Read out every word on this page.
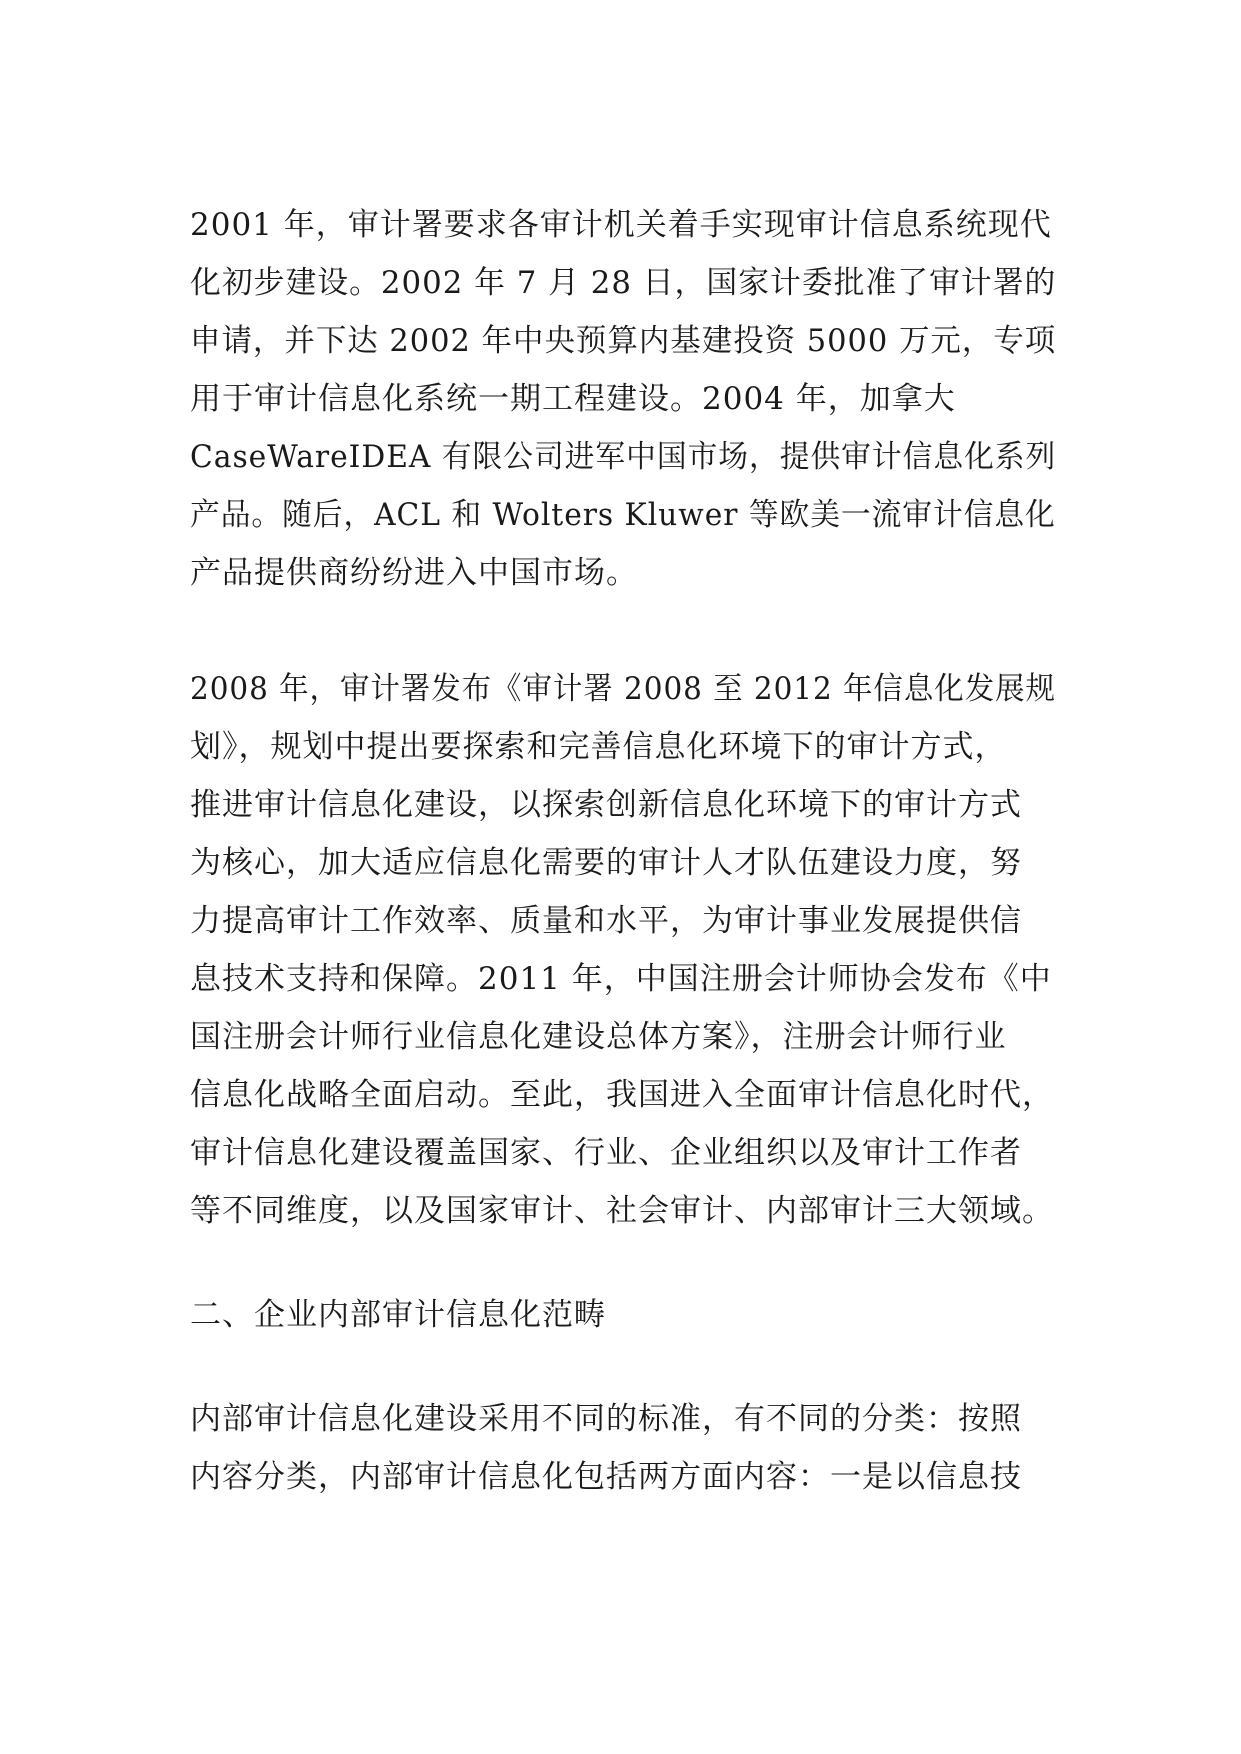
2001 年，审计署要求各审计机关着手实现审计信息系统现代
化初步建设。2002 年 7 月 28 日，国家计委批准了审计署的
申请，并下达 2002 年中央预算内基建投资 5000 万元，专项
用于审计信息化系统一期工程建设。2004 年，加拿大
CaseWareIDEA 有限公司进军中国市场，提供审计信息化系列
产品。随后，ACL 和 Wolters Kluwer 等欧美一流审计信息化
产品提供商纷纷进入中国市场。
2008 年，审计署发布《审计署 2008 至 2012 年信息化发展规
划》，规划中提出要探索和完善信息化环境下的审计方式，
推进审计信息化建设，以探索创新信息化环境下的审计方式
为核心，加大适应信息化需要的审计人才队伍建设力度，努
力提高审计工作效率、质量和水平，为审计事业发展提供信
息技术支持和保障。2011 年，中国注册会计师协会发布《中
国注册会计师行业信息化建设总体方案》，注册会计师行业
信息化战略全面启动。至此，我国进入全面审计信息化时代，
审计信息化建设覆盖国家、行业、企业组织以及审计工作者
等不同维度，以及国家审计、社会审计、内部审计三大领域。
二、企业内部审计信息化范畴
内部审计信息化建设采用不同的标准，有不同的分类：按照
内容分类，内部审计信息化包括两方面内容：一是以信息技
